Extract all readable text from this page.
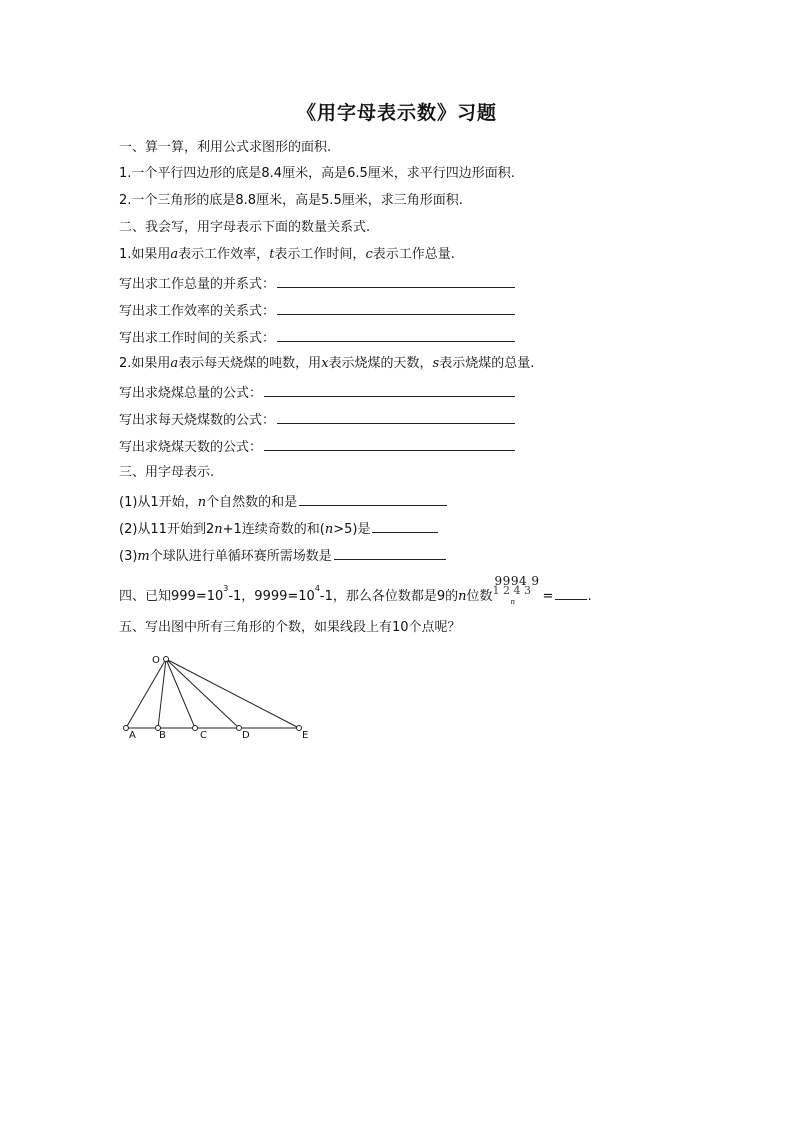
《用字母表示数》习题
一、算一算，利用公式求图形的面积.
1.一个平行四边形的底是8.4厘米，高是6.5厘米，求平行四边形面积.
2.一个三角形的底是8.8厘米，高是5.5厘米，求三角形面积.
二、我会写，用字母表示下面的数量关系式.
1.如果用a表示工作效率，t表示工作时间，c表示工作总量.
写出求工作总量的并系式：
写出求工作效率的关系式：
写出求工作时间的关系式：
2.如果用a表示每天烧煤的吨数，用x表示烧煤的天数，s表示烧煤的总量.
写出求烧煤总量的公式：
写出求每天烧煤数的公式：
写出求烧煤天数的公式：
三、用字母表示.
(1)从1开始，n个自然数的和是
(2)从11开始到2n+1连续奇数的和(n>5)是
(3)m个球队进行单循环赛所需场数是
四、已知$999=10^3-1$，$9999=10^4-1$，那么各位数都是9的n位数
9994 9
1 2 4 3
n =	.
五、写出图中所有三角形的个数，如果线段上有10个点呢？
O
A B	C	D	E
